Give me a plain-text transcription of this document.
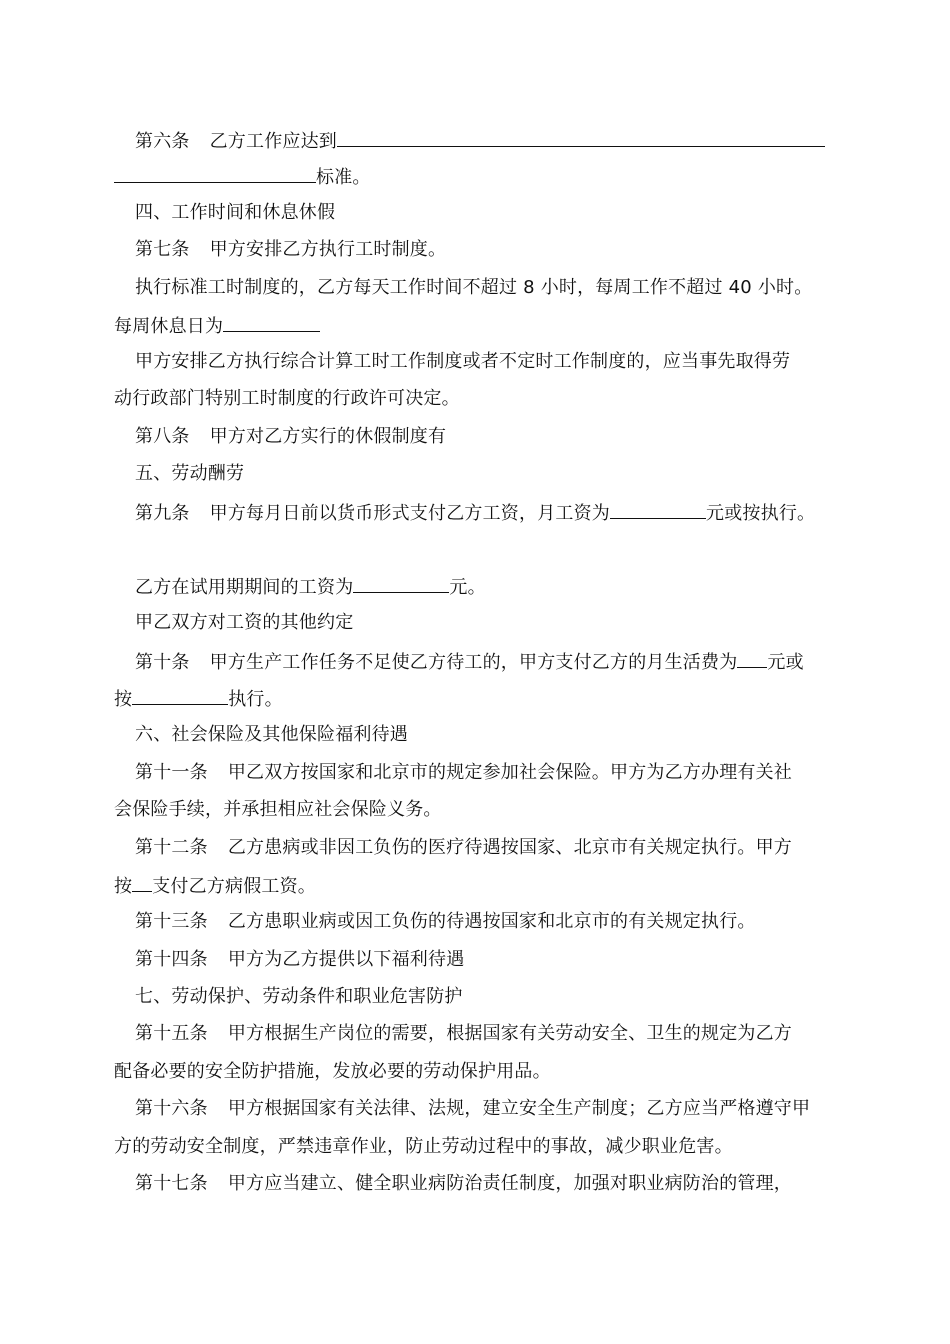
第六条 乙方工作应达到
标准。
四、工作时间和休息休假
第七条 甲方安排乙方执行工时制度。
执行标准工时制度的，乙方每天工作时间不超过 8 小时，每周工作不超过 40 小时。
每周休息日为
甲方安排乙方执行综合计算工时工作制度或者不定时工作制度的，应当事先取得劳
动行政部门特别工时制度的行政许可决定。
第八条 甲方对乙方实行的休假制度有
五、劳动酬劳
第九条 甲方每月日前以货币形式支付乙方工资，月工资为	元或按执行。
乙方在试用期期间的工资为	元。
甲乙双方对工资的其他约定
第十条 甲方生产工作任务不足使乙方待工的，甲方支付乙方的月生活费为 元或
按	执行。
六、社会保险及其他保险福利待遇
第十一条 甲乙双方按国家和北京市的规定参加社会保险。甲方为乙方办理有关社
会保险手续，并承担相应社会保险义务。
第十二条 乙方患病或非因工负伤的医疗待遇按国家、北京市有关规定执行。甲方
按 支付乙方病假工资。
第十三条 乙方患职业病或因工负伤的待遇按国家和北京市的有关规定执行。
第十四条 甲方为乙方提供以下福利待遇
七、劳动保护、劳动条件和职业危害防护
第十五条 甲方根据生产岗位的需要，根据国家有关劳动安全、卫生的规定为乙方
配备必要的安全防护措施，发放必要的劳动保护用品。
第十六条 甲方根据国家有关法律、法规，建立安全生产制度；乙方应当严格遵守甲
方的劳动安全制度，严禁违章作业，防止劳动过程中的事故，减少职业危害。
第十七条 甲方应当建立、健全职业病防治责任制度，加强对职业病防治的管理，
